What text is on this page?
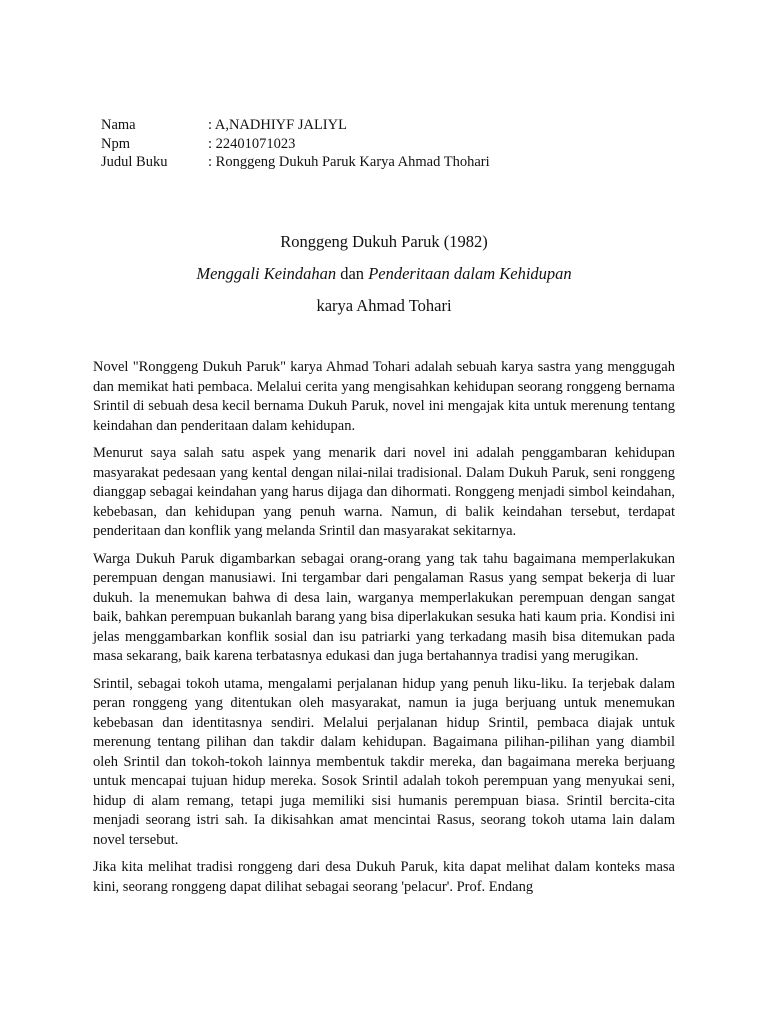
Nama	: A,NADHIYF JALIYL
Npm	: 22401071023
Judul Buku	: Ronggeng Dukuh Paruk Karya Ahmad Thohari
Ronggeng Dukuh Paruk (1982)
Menggali Keindahan dan Penderitaan dalam Kehidupan
karya Ahmad Tohari

Novel "Ronggeng Dukuh Paruk" karya Ahmad Tohari adalah sebuah karya sastra yang menggugah dan memikat hati pembaca. Melalui cerita yang mengisahkan kehidupan seorang ronggeng bernama Srintil di sebuah desa kecil bernama Dukuh Paruk, novel ini mengajak kita untuk merenung tentang keindahan dan penderitaan dalam kehidupan.

Menurut saya salah satu aspek yang menarik dari novel ini adalah penggambaran kehidupan masyarakat pedesaan yang kental dengan nilai-nilai tradisional. Dalam Dukuh Paruk, seni ronggeng dianggap sebagai keindahan yang harus dijaga dan dihormati. Ronggeng menjadi simbol keindahan, kebebasan, dan kehidupan yang penuh warna. Namun, di balik keindahan tersebut, terdapat penderitaan dan konflik yang melanda Srintil dan masyarakat sekitarnya.

Warga Dukuh Paruk digambarkan sebagai orang-orang yang tak tahu bagaimana memperlakukan perempuan dengan manusiawi. Ini tergambar dari pengalaman Rasus yang sempat bekerja di luar dukuh. la menemukan bahwa di desa lain, warganya memperlakukan perempuan dengan sangat baik, bahkan perempuan bukanlah barang yang bisa diperlakukan sesuka hati kaum pria. Kondisi ini jelas menggambarkan konflik sosial dan isu patriarki yang terkadang masih bisa ditemukan pada masa sekarang, baik karena terbatasnya edukasi dan juga bertahannya tradisi yang merugikan.

Srintil, sebagai tokoh utama, mengalami perjalanan hidup yang penuh liku-liku. Ia terjebak dalam peran ronggeng yang ditentukan oleh masyarakat, namun ia juga berjuang untuk menemukan kebebasan dan identitasnya sendiri. Melalui perjalanan hidup Srintil, pembaca diajak untuk merenung tentang pilihan dan takdir dalam kehidupan. Bagaimana pilihan-pilihan yang diambil oleh Srintil dan tokoh-tokoh lainnya membentuk takdir mereka, dan bagaimana mereka berjuang untuk mencapai tujuan hidup mereka. Sosok Srintil adalah tokoh perempuan yang menyukai seni, hidup di alam remang, tetapi juga memiliki sisi humanis perempuan biasa. Srintil bercita-cita menjadi seorang istri sah. Ia dikisahkan amat mencintai Rasus, seorang tokoh utama lain dalam novel tersebut.

Jika kita melihat tradisi ronggeng dari desa Dukuh Paruk, kita dapat melihat dalam konteks masa kini, seorang ronggeng dapat dilihat sebagai seorang 'pelacur'. Prof. Endang
